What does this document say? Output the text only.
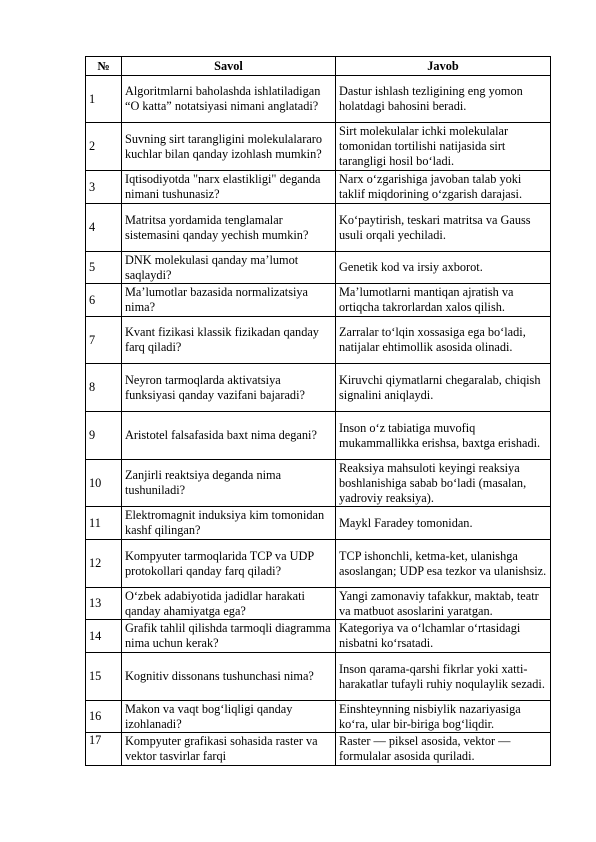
№	Savol	Javob
1	Algoritmlarni baholashda ishlatiladigan “O katta” notatsiyasi nimani anglatadi?	Dastur ishlash tezligining eng yomon holatdagi bahosini beradi.
2	Suvning sirt tarangligini molekulalararo kuchlar bilan qanday izohlash mumkin?	Sirt molekulalar ichki molekulalar tomonidan tortilishi natijasida sirt tarangligi hosil boʻladi.
3	Iqtisodiyotda "narx elastikligi" deganda nimani tushunasiz?	Narx oʻzgarishiga javoban talab yoki taklif miqdorining oʻzgarish darajasi.
4	Matritsa yordamida tenglamalar sistemasini qanday yechish mumkin?	Koʻpaytirish, teskari matritsa va Gauss usuli orqali yechiladi.
5	DNK molekulasi qanday maʼlumot saqlaydi?	Genetik kod va irsiy axborot.
6	Maʼlumotlar bazasida normalizatsiya nima?	Maʼlumotlarni mantiqan ajratish va ortiqcha takrorlardan xalos qilish.
7	Kvant fizikasi klassik fizikadan qanday farq qiladi?	Zarralar toʻlqin xossasiga ega boʻladi, natijalar ehtimollik asosida olinadi.
8	Neyron tarmoqlarda aktivatsiya funksiyasi qanday vazifani bajaradi?	Kiruvchi qiymatlarni chegaralab, chiqish signalini aniqlaydi.
9	Aristotel falsafasida baxt nima degani?	Inson oʻz tabiatiga muvofiq mukammallikka erishsa, baxtga erishadi.
10	Zanjirli reaktsiya deganda nima tushuniladi?	Reaksiya mahsuloti keyingi reaksiya boshlanishiga sabab boʻladi (masalan, yadroviy reaksiya).
11	Elektromagnit induksiya kim tomonidan kashf qilingan?	Maykl Faradey tomonidan.
12	Kompyuter tarmoqlarida TCP va UDP protokollari qanday farq qiladi?	TCP ishonchli, ketma-ket, ulanishga asoslangan; UDP esa tezkor va ulanishsiz.
13	Oʻzbek adabiyotida jadidlar harakati qanday ahamiyatga ega?	Yangi zamonaviy tafakkur, maktab, teatr va matbuot asoslarini yaratgan.
14	Grafik tahlil qilishda tarmoqli diagramma nima uchun kerak?	Kategoriya va oʻlchamlar oʻrtasidagi nisbatni koʻrsatadi.
15	Kognitiv dissonans tushunchasi nima?	Inson qarama-qarshi fikrlar yoki xatti-harakatlar tufayli ruhiy noqulaylik sezadi.
16	Makon va vaqt bogʻliqligi qanday izohlanadi?	Einshteynning nisbiylik nazariyasiga koʻra, ular bir-biriga bogʻliqdir.
17	Kompyuter grafikasi sohasida raster va vektor tasvirlar farqi	Raster — piksel asosida, vektor — formulalar asosida quriladi.
